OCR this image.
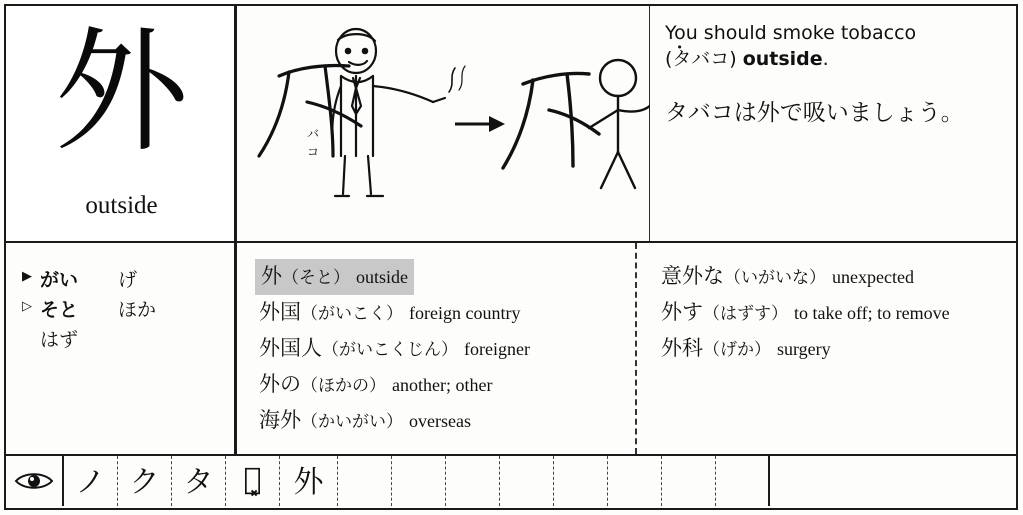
外
outside
バ
コ
You should smoke tobacco
(タバコ) outside.
タバコは外で吸いましょう。
▶ がい	げ
▷ そと	ほか
はず
外（そと） outside
外国（がいこく） foreign country
外国人（がいこくじん） foreigner
外の（ほかの） another; other
海外（かいがい） overseas
意外な（いがいな） unexpected
外す（はずす） to take off; to remove
外科（げか） surgery
ノ ク タ タ͓	外
